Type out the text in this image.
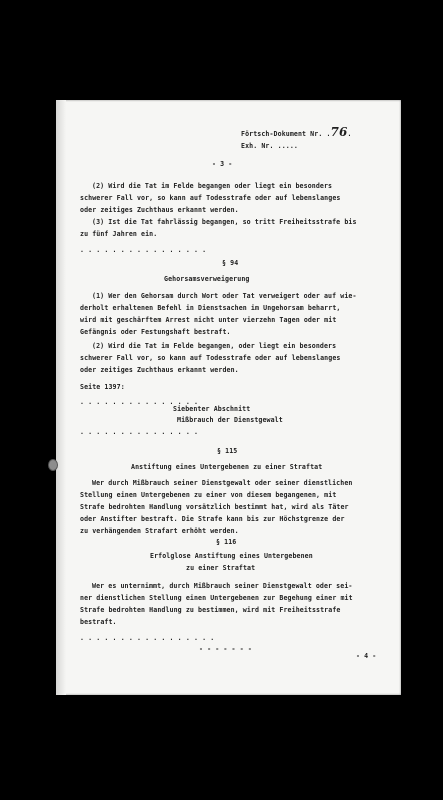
Förtsch-Dokument Nr. .76.
Exh. Nr. .....
- 3 -
(2) Wird die Tat im Felde begangen oder liegt ein besonders
schwerer Fall vor, so kann auf Todesstrafe oder auf lebenslanges
oder zeitiges Zuchthaus erkannt werden.
(3) Ist die Tat fahrlässig begangen, so tritt Freiheitsstrafe bis
zu fünf Jahren ein.
. . . . . . . . . . . . . . . .
§ 94
Gehorsamsverweigerung
(1) Wer den Gehorsam durch Wort oder Tat verweigert oder auf wie-
derholt erhaltenen Befehl in Dienstsachen im Ungehorsam beharrt,
wird mit geschärftem Arrest nicht unter vierzehn Tagen oder mit
Gefängnis oder Festungshaft bestraft.
(2) Wird die Tat im Felde begangen, oder liegt ein besonders
schwerer Fall vor, so kann auf Todesstrafe oder auf lebenslanges
oder zeitiges Zuchthaus erkannt werden.
Seite 1397:
. . . . . . . . . . . . . . .
Siebenter Abschnitt
Mißbrauch der Dienstgewalt
. . . . . . . . . . . . . . .
§ 115
Anstiftung eines Untergebenen zu einer Straftat
Wer durch Mißbrauch seiner Dienstgewalt oder seiner dienstlichen
Stellung einen Untergebenen zu einer von diesem begangenen, mit
Strafe bedrohten Handlung vorsätzlich bestimmt hat, wird als Täter
oder Anstifter bestraft. Die Strafe kann bis zur Höchstgrenze der
zu verhängenden Strafart erhöht werden.
§ 116
Erfolglose Anstiftung eines Untergebenen
zu einer Straftat
Wer es unternimmt, durch Mißbrauch seiner Dienstgewalt oder sei-
ner dienstlichen Stellung einen Untergebenen zur Begehung einer mit
Strafe bedrohten Handlung zu bestimmen, wird mit Freiheitsstrafe
bestraft.
. . . . . . . . . . . . . . . . .
- - - - - - -
- 4 -
